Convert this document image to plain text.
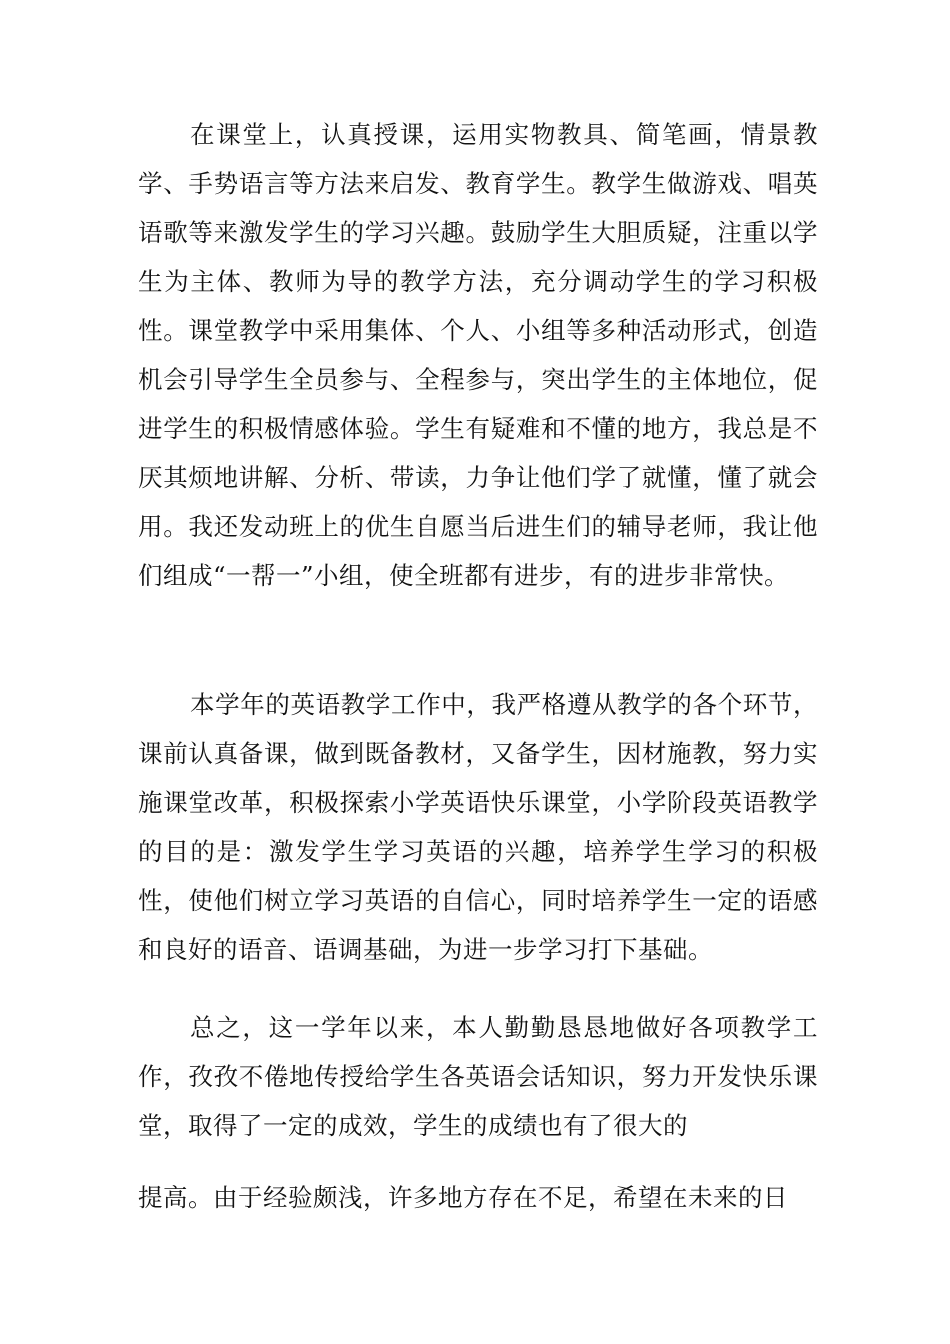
在课堂上，认真授课，运用实物教具、简笔画，情景教学、手势语言等方法来启发、教育学生。教学生做游戏、唱英语歌等来激发学生的学习兴趣。鼓励学生大胆质疑，注重以学生为主体、教师为导的教学方法，充分调动学生的学习积极性。课堂教学中采用集体、个人、小组等多种活动形式，创造机会引导学生全员参与、全程参与，突出学生的主体地位，促进学生的积极情感体验。学生有疑难和不懂的地方，我总是不厌其烦地讲解、分析、带读，力争让他们学了就懂，懂了就会用。我还发动班上的优生自愿当后进生们的辅导老师，我让他们组成“一帮一”小组，使全班都有进步，有的进步非常快。

本学年的英语教学工作中，我严格遵从教学的各个环节，课前认真备课，做到既备教材，又备学生，因材施教，努力实施课堂改革，积极探索小学英语快乐课堂，小学阶段英语教学的目的是：激发学生学习英语的兴趣，培养学生学习的积极性，使他们树立学习英语的自信心，同时培养学生一定的语感和良好的语音、语调基础，为进一步学习打下基础。

总之，这一学年以来，本人勤勤恳恳地做好各项教学工作，孜孜不倦地传授给学生各英语会话知识，努力开发快乐课堂，取得了一定的成效，学生的成绩也有了很大的

提高。由于经验颇浅，许多地方存在不足，希望在未来的日
